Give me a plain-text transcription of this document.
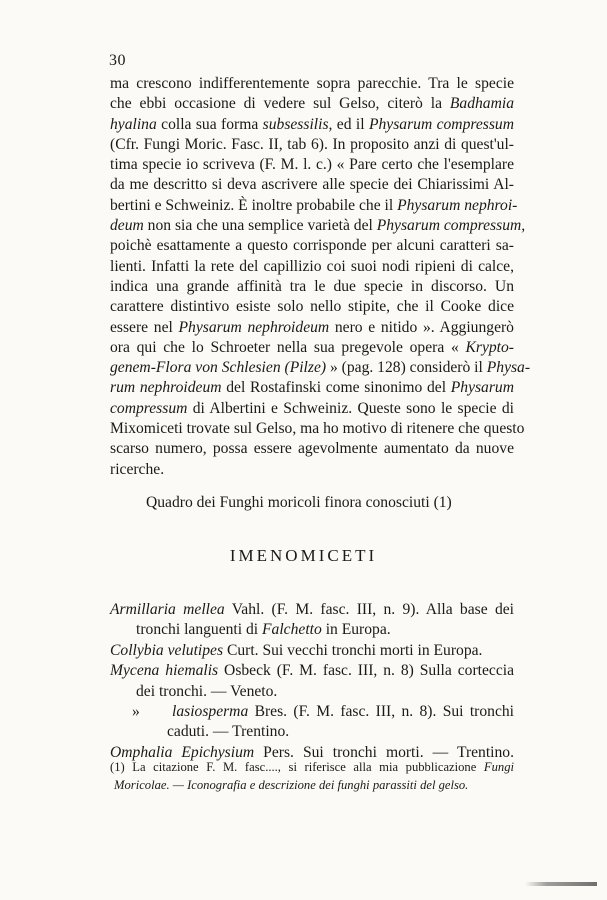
30
ma crescono indifferentemente sopra parecchie. Tra le specie
che ebbi occasione di vedere sul Gelso, citerò la Badhamia
hyalina colla sua forma subsessilis, ed il Physarum compressum
(Cfr. Fungi Moric. Fasc. II, tab 6). In proposito anzi di quest'ul-
tima specie io scriveva (F. M. l. c.) « Pare certo che l'esemplare
da me descritto si deva ascrivere alle specie dei Chiarissimi Al-
bertini e Schweiniz. È inoltre probabile che il Physarum nephroi-
deum non sia che una semplice varietà del Physarum compressum,
poichè esattamente a questo corrisponde per alcuni caratteri sa-
lienti. Infatti la rete del capillizio coi suoi nodi ripieni di calce,
indica una grande affinità tra le due specie in discorso. Un
carattere distintivo esiste solo nello stipite, che il Cooke dice
essere nel Physarum nephroideum nero e nitido ». Aggiungerò
ora qui che lo Schroeter nella sua pregevole opera « Krypto-
genem-Flora von Schlesien (Pilze) » (pag. 128) considerò il Physa-
rum nephroideum del Rostafinski come sinonimo del Physarum
compressum di Albertini e Schweiniz. Queste sono le specie di
Mixomiceti trovate sul Gelso, ma ho motivo di ritenere che questo
scarso numero, possa essere agevolmente aumentato da nuove
ricerche.
Quadro dei Funghi moricoli finora conosciuti (1)
IMENOMICETI
Armillaria mellea Vahl. (F. M. fasc. III, n. 9). Alla base dei
tronchi languenti di Falchetto in Europa.
Collybia velutipes Curt. Sui vecchi tronchi morti in Europa.
Mycena hiemalis Osbeck (F. M. fasc. III, n. 8) Sulla corteccia
dei tronchi. — Veneto.
» lasiosperma Bres. (F. M. fasc. III, n. 8). Sui tronchi
caduti. — Trentino.
Omphalia Epichysium Pers. Sui tronchi morti. — Trentino.
(1) La citazione F. M. fasc...., si riferisce alla mia pubblicazione Fungi
Moricolae. — Iconografia e descrizione dei funghi parassiti del gelso.
